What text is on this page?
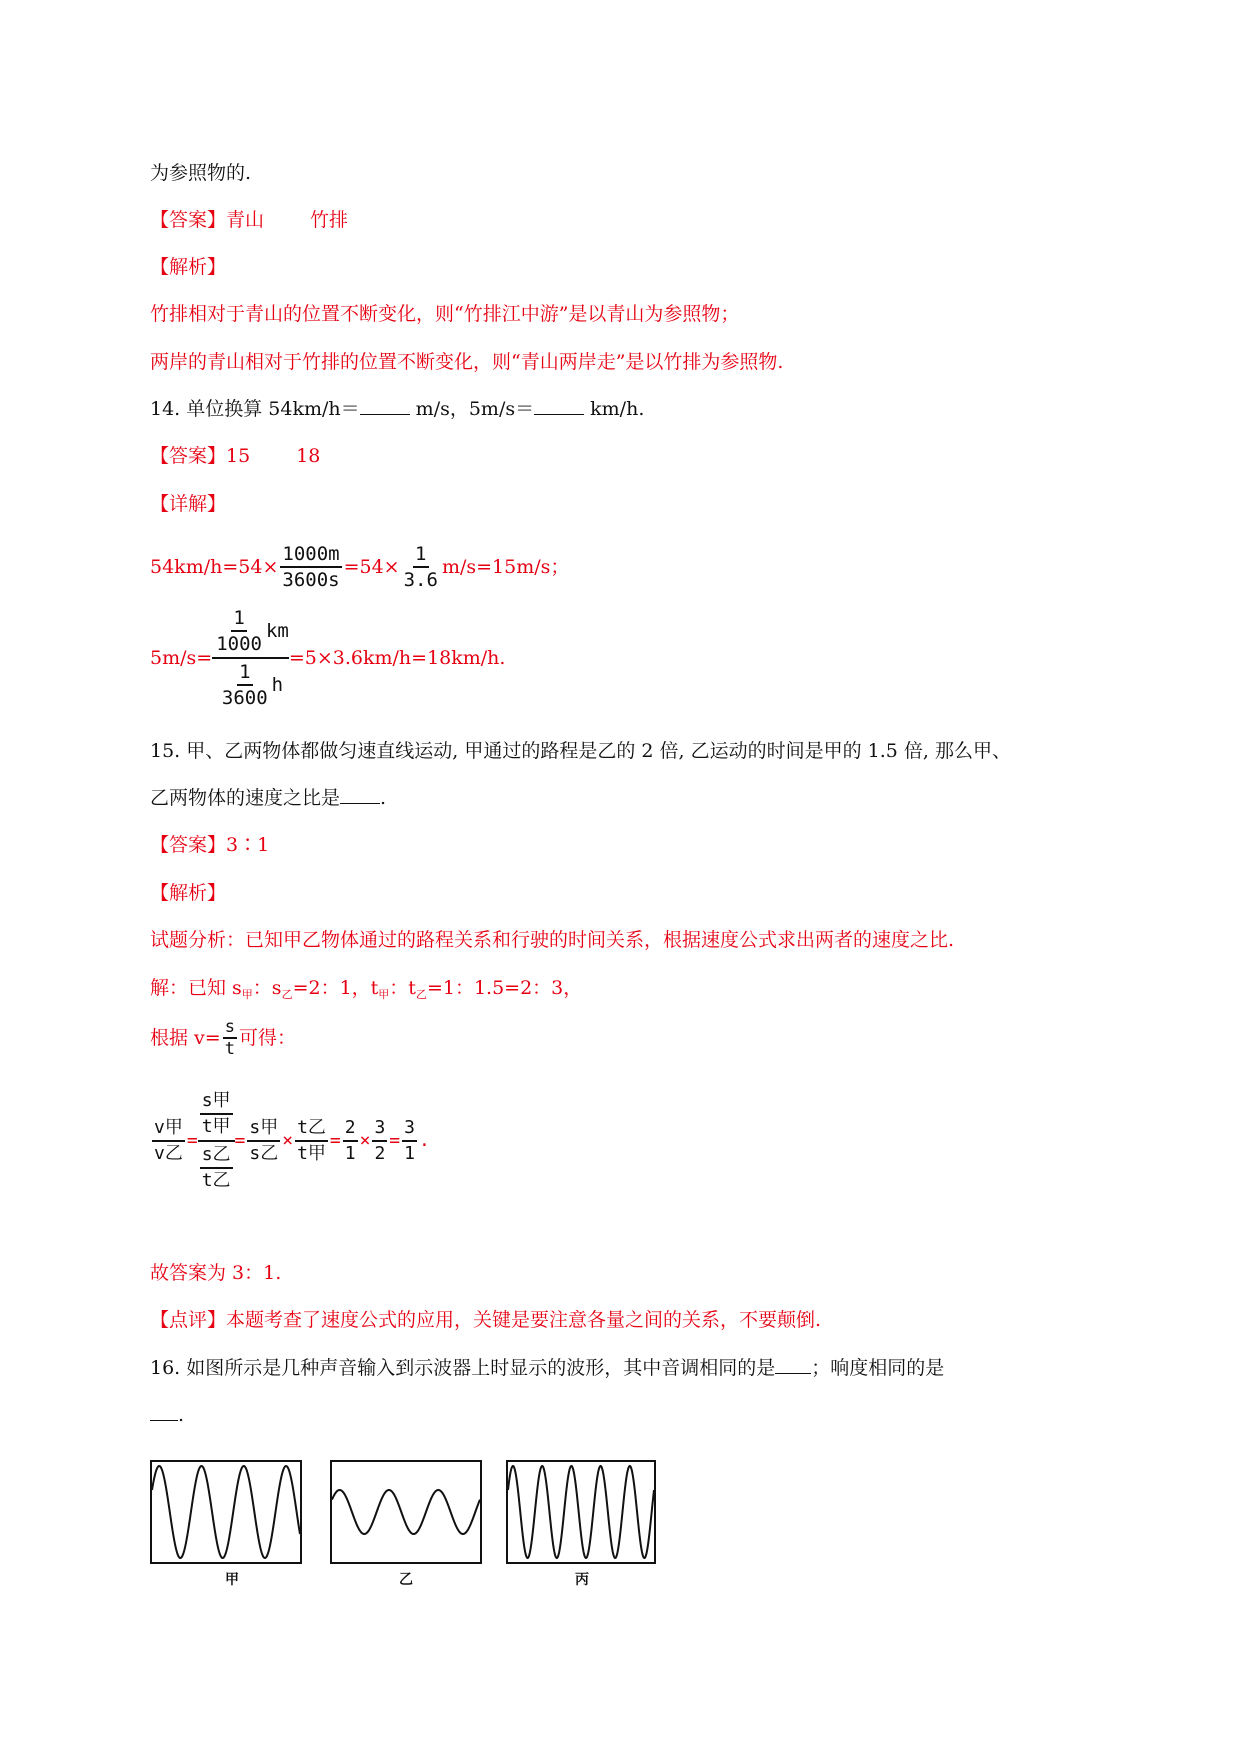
为参照物的.
【答案】青山 竹排
【解析】
竹排相对于青山的位置不断变化，则“竹排江中游”是以青山为参照物；
两岸的青山相对于竹排的位置不断变化，则“青山两岸走”是以竹排为参照物.
14. 单位换算 54km/h＝	m/s，5m/s＝	km/h.
【答案】15 18
【详解】
$54km/h=54\times \frac{1000m}{3600s} =54\times \frac{1}{3.6} m/s=15m/s$；
5m/s=
$\frac{1}{1000}$ km
$\frac{1}{3600}$ h
=5×3.6km/h=18km/h.
15. 甲、乙两物体都做匀速直线运动, 甲通过的路程是乙的 2 倍, 乙运动的时间是甲的 1.5 倍, 那么甲、
乙两物体的速度之比是 .
【答案】3∶1
【解析】
试题分析：已知甲乙物体通过的路程关系和行驶的时间关系，根据速度公式求出两者的速度之比.
解：已知 $s_甲$：$s_乙=2$：1，$t_甲$：$t_乙=1$：1.5=2：3，
根据 $v= \frac{s}{t}$ 可得：
$\frac{\text{v甲}}{\text{v乙}}$ =
$\frac{\text{s甲}}{\text{t甲}}$
$\frac{\text{s乙}}{\text{t乙}}$
= $\frac{\text{s甲}}{\text{s乙}} \times \frac{\text{t乙}}{\text{t甲}} = \frac{2}{1} \times \frac{3}{2} = \frac{3}{1}$ .
故答案为 3：1.
【点评】本题考查了速度公式的应用，关键是要注意各量之间的关系，不要颠倒.
16. 如图所示是几种声音输入到示波器上时显示的波形，其中音调相同的是 ；响度相同的是
.
甲	乙	丙
